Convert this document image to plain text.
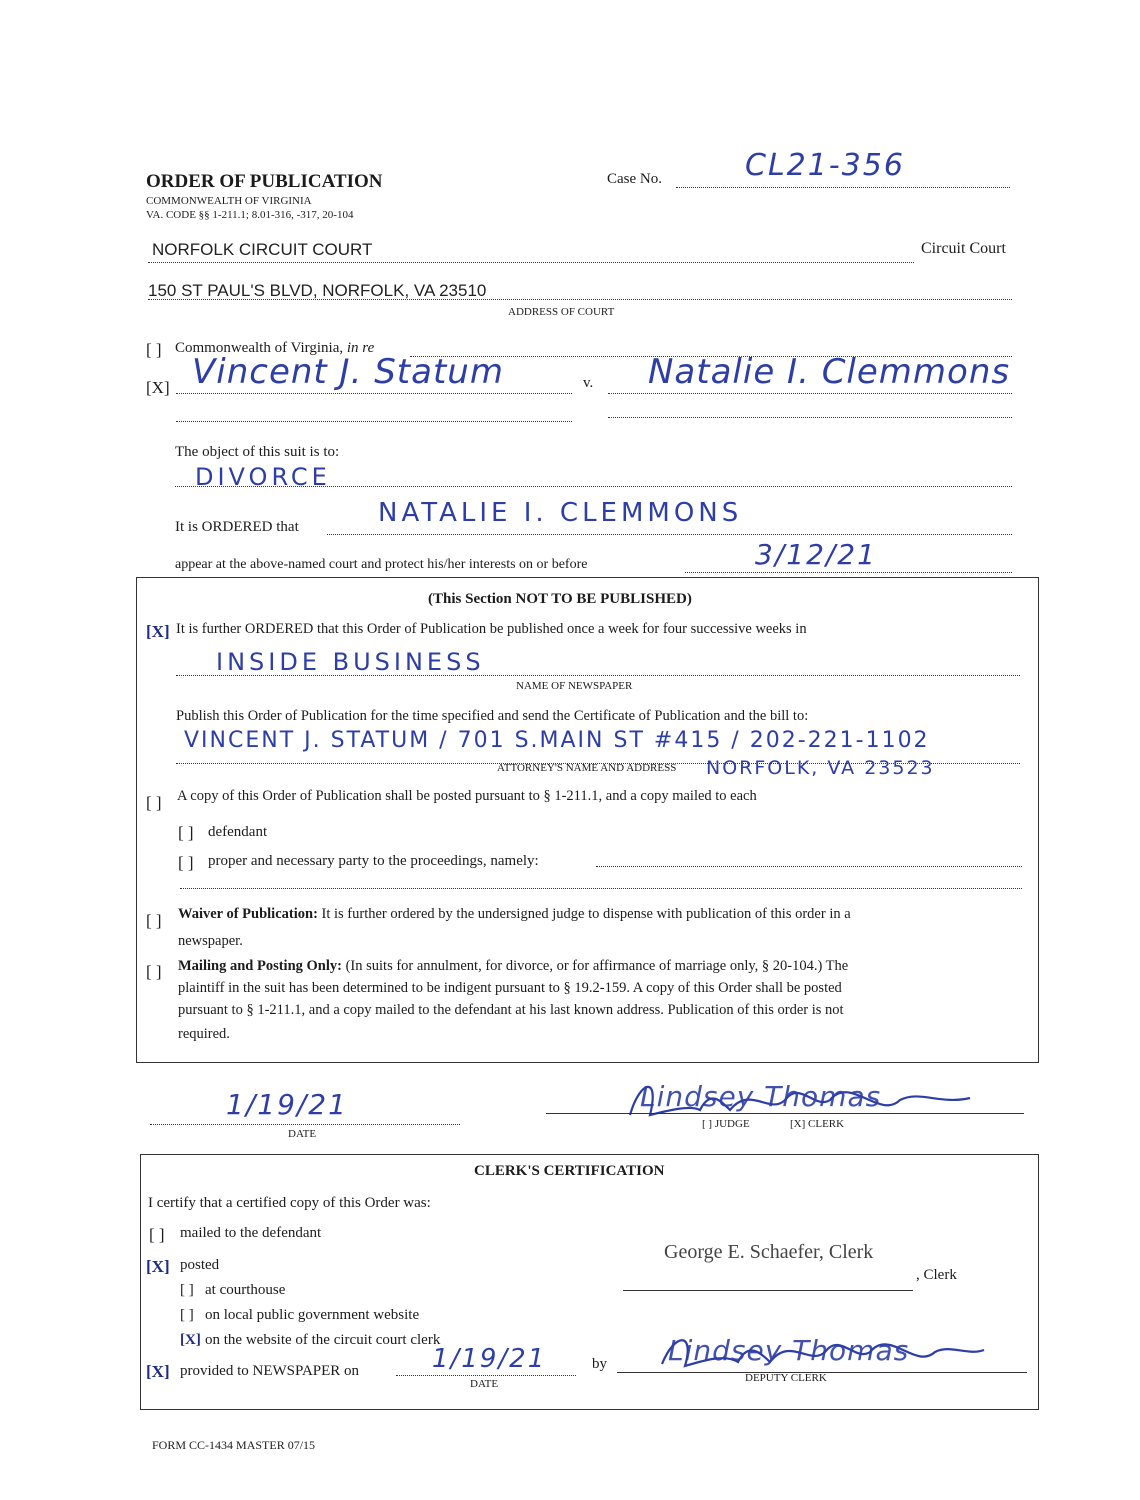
ORDER OF PUBLICATION
COMMONWEALTH OF VIRGINIA
VA. CODE §§ 1-211.1; 8.01-316, -317, 20-104
Case No.	CL21-356
NORFOLK CIRCUIT COURT	Circuit Court
150 ST PAUL'S BLVD, NORFOLK, VA 23510
ADDRESS OF COURT
[ ] Commonwealth of Virginia, in re
[X] Vincent J. Statum	v. Natalie I. Clemmons
The object of this suit is to:
DIVORCE
It is ORDERED that	NATALIE I. CLEMMONS
appear at the above-named court and protect his/her interests on or before	3/12/21
(This Section NOT TO BE PUBLISHED)
[X] It is further ORDERED that this Order of Publication be published once a week for four successive weeks in
INSIDE BUSINESS
NAME OF NEWSPAPER
Publish this Order of Publication for the time specified and send the Certificate of Publication and the bill to:
VINCENT J. STATUM / 701 S.MAIN ST #415 / 202-221-1102
ATTORNEY'S NAME AND ADDRESS NORFOLK, VA 23523
[ ] A copy of this Order of Publication shall be posted pursuant to § 1-211.1, and a copy mailed to each
[ ] defendant
[ ] proper and necessary party to the proceedings, namely:
[ ] Waiver of Publication: It is further ordered by the undersigned judge to dispense with publication of this order in a
newspaper.
[ ] Mailing and Posting Only: (In suits for annulment, for divorce, or for affirmance of marriage only, § 20-104.) The
plaintiff in the suit has been determined to be indigent pursuant to § 19.2-159. A copy of this Order shall be posted
pursuant to § 1-211.1, and a copy mailed to the defendant at his last known address. Publication of this order is not
required.
1/19/21
DATE
Lindsey Thomas
[ ] JUDGE	[X] CLERK
CLERK'S CERTIFICATION
I certify that a certified copy of this Order was:
[ ] mailed to the defendant
[X] posted
[ ] at courthouse
[ ] on local public government website
[X] on the website of the circuit court clerk
[X] provided to NEWSPAPER on	1/19/21
DATE
by
George E. Schaefer, Clerk
, Clerk
Lindsey Thomas
DEPUTY CLERK
FORM CC-1434 MASTER 07/15
